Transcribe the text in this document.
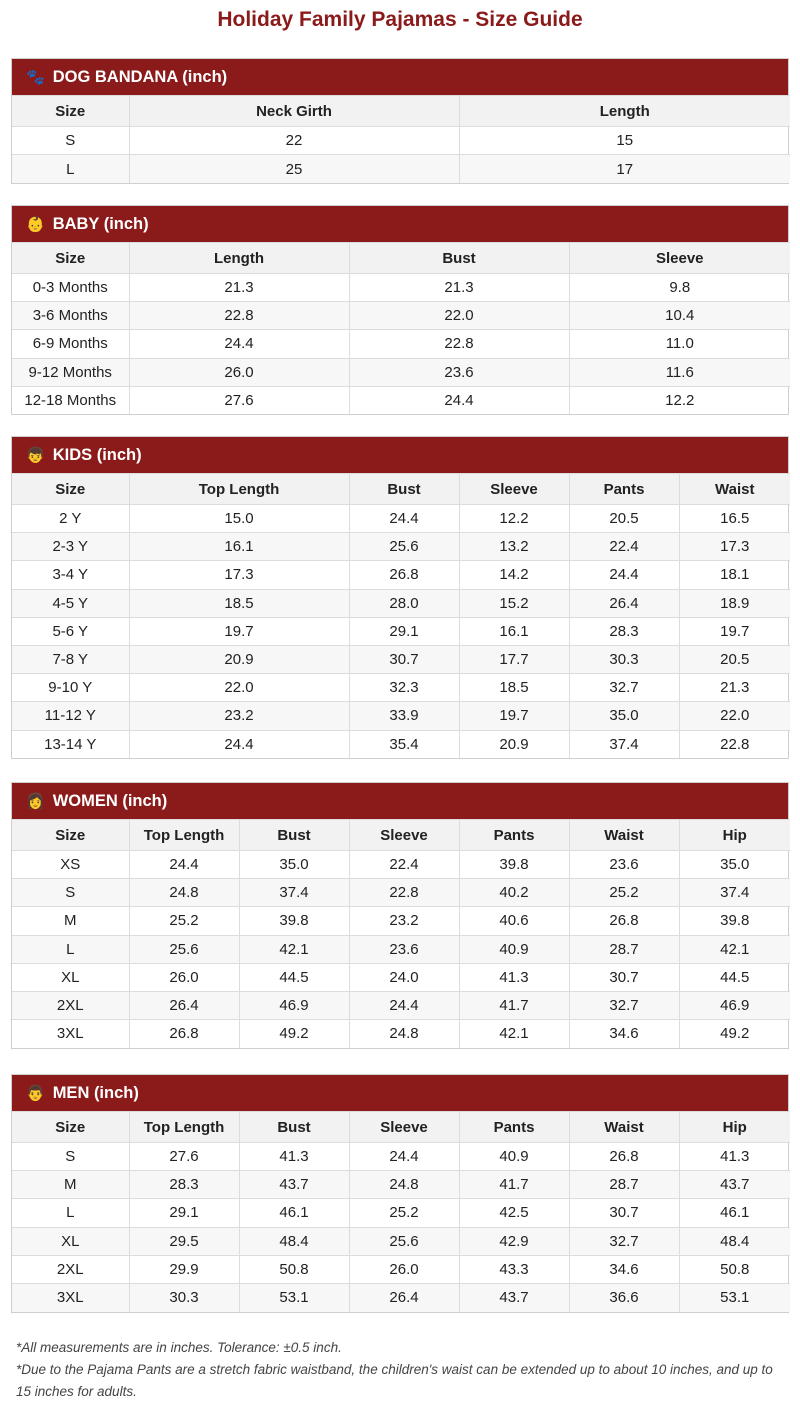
Holiday Family Pajamas - Size Guide
🐾 DOG BANDANA (inch)
Size	Neck Girth	Length
S	22	15
L	25	17
👶 BABY (inch)
Size	Length	Bust	Sleeve
0-3 Months	21.3	21.3	9.8
3-6 Months	22.8	22.0	10.4
6-9 Months	24.4	22.8	11.0
9-12 Months	26.0	23.6	11.6
12-18 Months	27.6	24.4	12.2
👦 KIDS (inch)
Size	Top Length	Bust	Sleeve	Pants	Waist
2 Y	15.0	24.4	12.2	20.5	16.5
2-3 Y	16.1	25.6	13.2	22.4	17.3
3-4 Y	17.3	26.8	14.2	24.4	18.1
4-5 Y	18.5	28.0	15.2	26.4	18.9
5-6 Y	19.7	29.1	16.1	28.3	19.7
7-8 Y	20.9	30.7	17.7	30.3	20.5
9-10 Y	22.0	32.3	18.5	32.7	21.3
11-12 Y	23.2	33.9	19.7	35.0	22.0
13-14 Y	24.4	35.4	20.9	37.4	22.8
👩 WOMEN (inch)
Size	Top Length	Bust	Sleeve	Pants	Waist	Hip
XS	24.4	35.0	22.4	39.8	23.6	35.0
S	24.8	37.4	22.8	40.2	25.2	37.4
M	25.2	39.8	23.2	40.6	26.8	39.8
L	25.6	42.1	23.6	40.9	28.7	42.1
XL	26.0	44.5	24.0	41.3	30.7	44.5
2XL	26.4	46.9	24.4	41.7	32.7	46.9
3XL	26.8	49.2	24.8	42.1	34.6	49.2
👨 MEN (inch)
Size	Top Length	Bust	Sleeve	Pants	Waist	Hip
S	27.6	41.3	24.4	40.9	26.8	41.3
M	28.3	43.7	24.8	41.7	28.7	43.7
L	29.1	46.1	25.2	42.5	30.7	46.1
XL	29.5	48.4	25.6	42.9	32.7	48.4
2XL	29.9	50.8	26.0	43.3	34.6	50.8
3XL	30.3	53.1	26.4	43.7	36.6	53.1
*All measurements are in inches. Tolerance: ±0.5 inch.
*Due to the Pajama Pants are a stretch fabric waistband, the children's waist can be extended up to about 10 inches, and up to 15 inches for adults.
